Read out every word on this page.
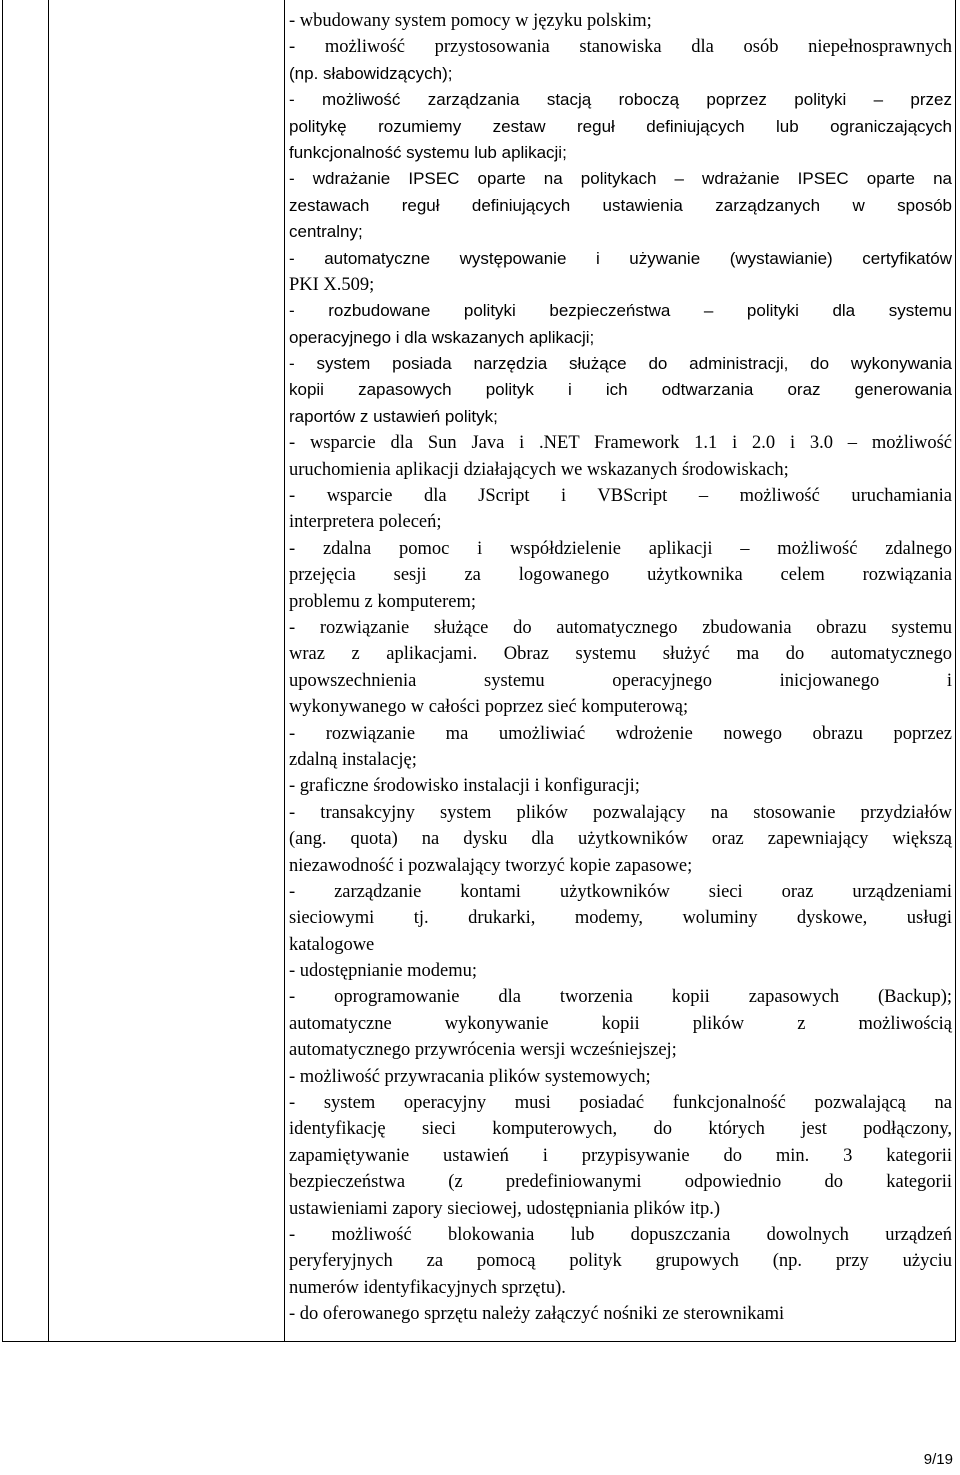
- wbudowany system pomocy w języku polskim;
- możliwość przystosowania stanowiska dla osób niepełnosprawnych
(np. słabowidzących);
- możliwość zarządzania stacją roboczą poprzez polityki – przez
politykę rozumiemy zestaw reguł definiujących lub ograniczających
funkcjonalność systemu lub aplikacji;
- wdrażanie IPSEC oparte na politykach – wdrażanie IPSEC oparte na
zestawach reguł definiujących ustawienia zarządzanych w sposób
centralny;
- automatyczne występowanie i używanie (wystawianie) certyfikatów
PKI X.509;
- rozbudowane polityki bezpieczeństwa – polityki dla systemu
operacyjnego i dla wskazanych aplikacji;
- system posiada narzędzia służące do administracji, do wykonywania
kopii zapasowych polityk i ich odtwarzania oraz generowania
raportów z ustawień polityk;
- wsparcie dla Sun Java i .NET Framework 1.1 i 2.0 i 3.0 – możliwość
uruchomienia aplikacji działających we wskazanych środowiskach;
- wsparcie dla JScript i VBScript – możliwość uruchamiania
interpretera poleceń;
- zdalna pomoc i współdzielenie aplikacji – możliwość zdalnego
przejęcia sesji za logowanego użytkownika celem rozwiązania
problemu z komputerem;
- rozwiązanie służące do automatycznego zbudowania obrazu systemu
wraz z aplikacjami. Obraz systemu służyć ma do automatycznego
upowszechnienia systemu operacyjnego inicjowanego i
wykonywanego w całości poprzez sieć komputerową;
- rozwiązanie ma umożliwiać wdrożenie nowego obrazu poprzez
zdalną instalację;
- graficzne środowisko instalacji i konfiguracji;
- transakcyjny system plików pozwalający na stosowanie przydziałów
(ang. quota) na dysku dla użytkowników oraz zapewniający większą
niezawodność i pozwalający tworzyć kopie zapasowe;
- zarządzanie kontami użytkowników sieci oraz urządzeniami
sieciowymi tj. drukarki, modemy, woluminy dyskowe, usługi
katalogowe
- udostępnianie modemu;
- oprogramowanie dla tworzenia kopii zapasowych (Backup);
automatyczne wykonywanie kopii plików z możliwością
automatycznego przywrócenia wersji wcześniejszej;
- możliwość przywracania plików systemowych;
- system operacyjny musi posiadać funkcjonalność pozwalającą na
identyfikację sieci komputerowych, do których jest podłączony,
zapamiętywanie ustawień i przypisywanie do min. 3 kategorii
bezpieczeństwa (z predefiniowanymi odpowiednio do kategorii
ustawieniami zapory sieciowej, udostępniania plików itp.)
- możliwość blokowania lub dopuszczania dowolnych urządzeń
peryferyjnych za pomocą polityk grupowych (np. przy użyciu
numerów identyfikacyjnych sprzętu).
- do oferowanego sprzętu należy załączyć nośniki ze sterownikami
9/19
